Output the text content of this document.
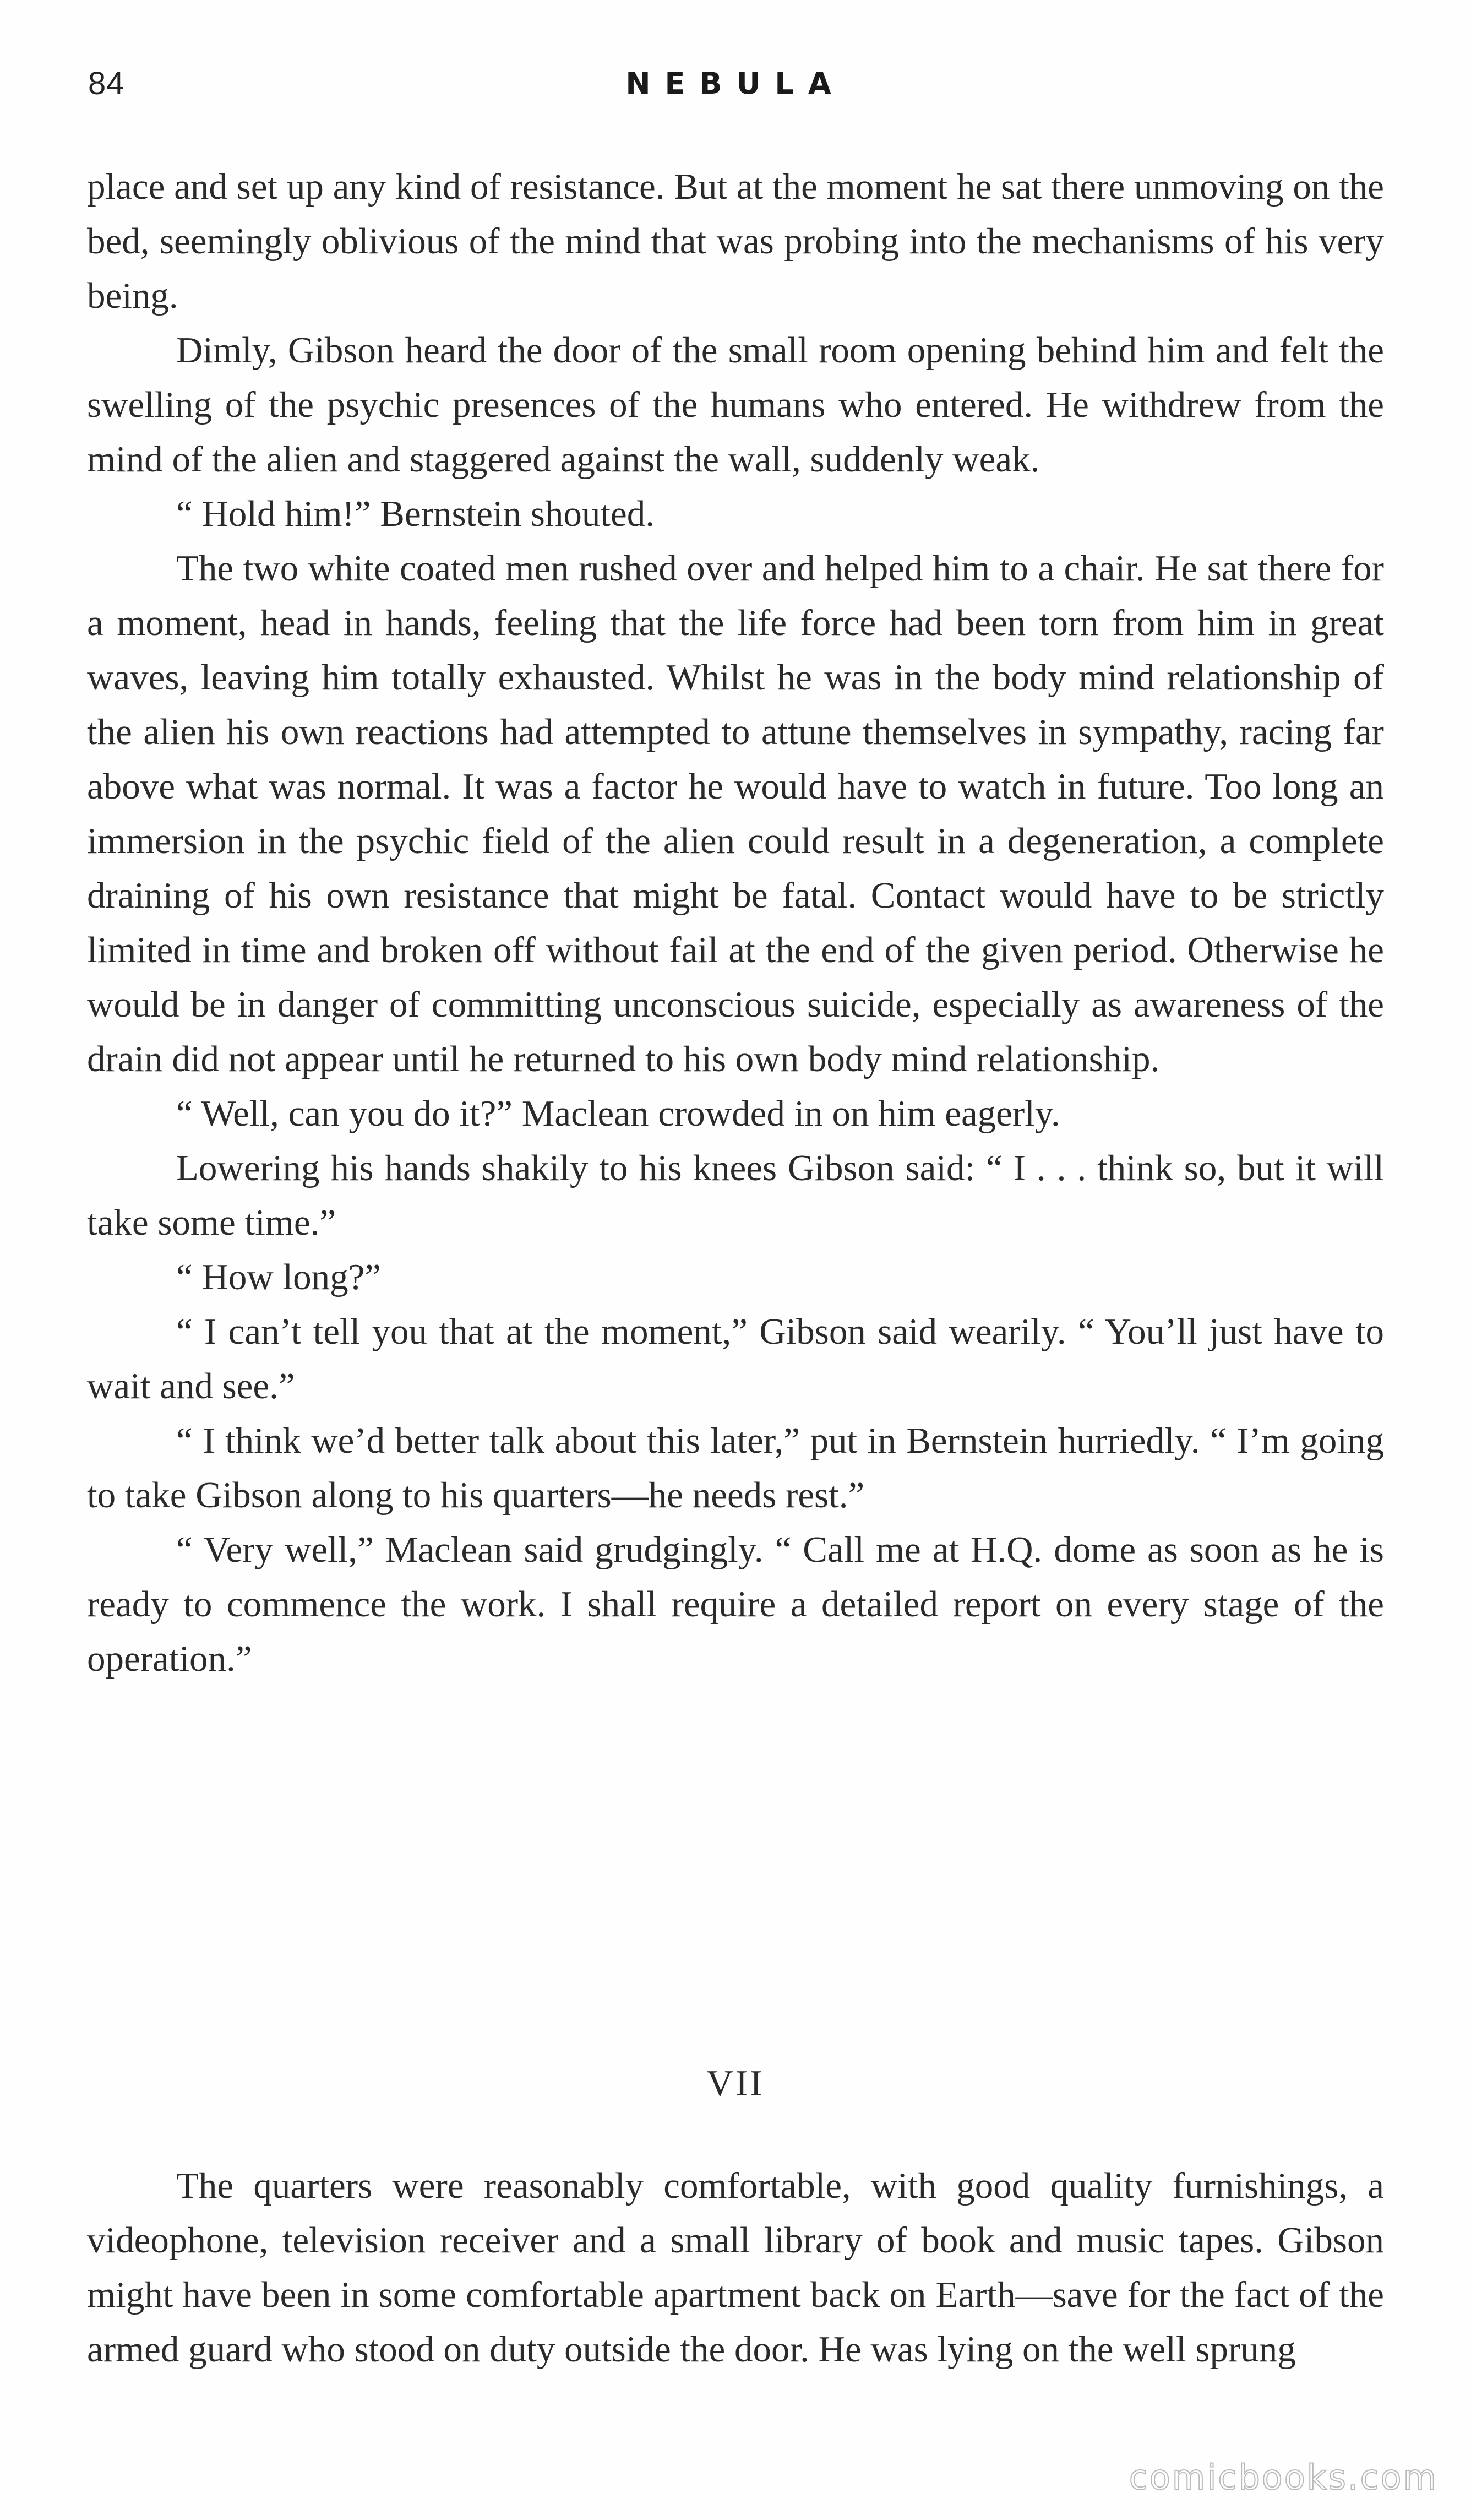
84	NEBULA

place and set up any kind of resistance. But at the moment he sat there unmoving on the bed, seemingly oblivious of the mind that was probing into the mechanisms of his very being.

Dimly, Gibson heard the door of the small room opening behind him and felt the swelling of the psychic presences of the humans who entered. He withdrew from the mind of the alien and staggered against the wall, suddenly weak.

“ Hold him!” Bernstein shouted.

The two white coated men rushed over and helped him to a chair. He sat there for a moment, head in hands, feeling that the life force had been torn from him in great waves, leaving him totally exhausted. Whilst he was in the body mind relationship of the alien his own reactions had attempted to attune themselves in sympathy, racing far above what was normal. It was a factor he would have to watch in future. Too long an immersion in the psychic field of the alien could result in a degeneration, a complete draining of his own resistance that might be fatal. Contact would have to be strictly limited in time and broken off without fail at the end of the given period. Otherwise he would be in danger of committing unconscious suicide, especially as awareness of the drain did not appear until he returned to his own body mind relationship.

“ Well, can you do it?” Maclean crowded in on him eagerly.

Lowering his hands shakily to his knees Gibson said: “ I . . . think so, but it will take some time.”

“ How long?”

“ I can’t tell you that at the moment,” Gibson said wearily. “ You’ll just have to wait and see.”

“ I think we’d better talk about this later,” put in Bernstein hurriedly. “ I’m going to take Gibson along to his quarters—he needs rest.”

“ Very well,” Maclean said grudgingly. “ Call me at H.Q. dome as soon as he is ready to commence the work. I shall require a detailed report on every stage of the operation.”

VII

The quarters were reasonably comfortable, with good quality furnishings, a videophone, television receiver and a small library of book and music tapes. Gibson might have been in some comfortable apartment back on Earth—save for the fact of the armed guard who stood on duty outside the door. He was lying on the well sprung

comicbooks.com
